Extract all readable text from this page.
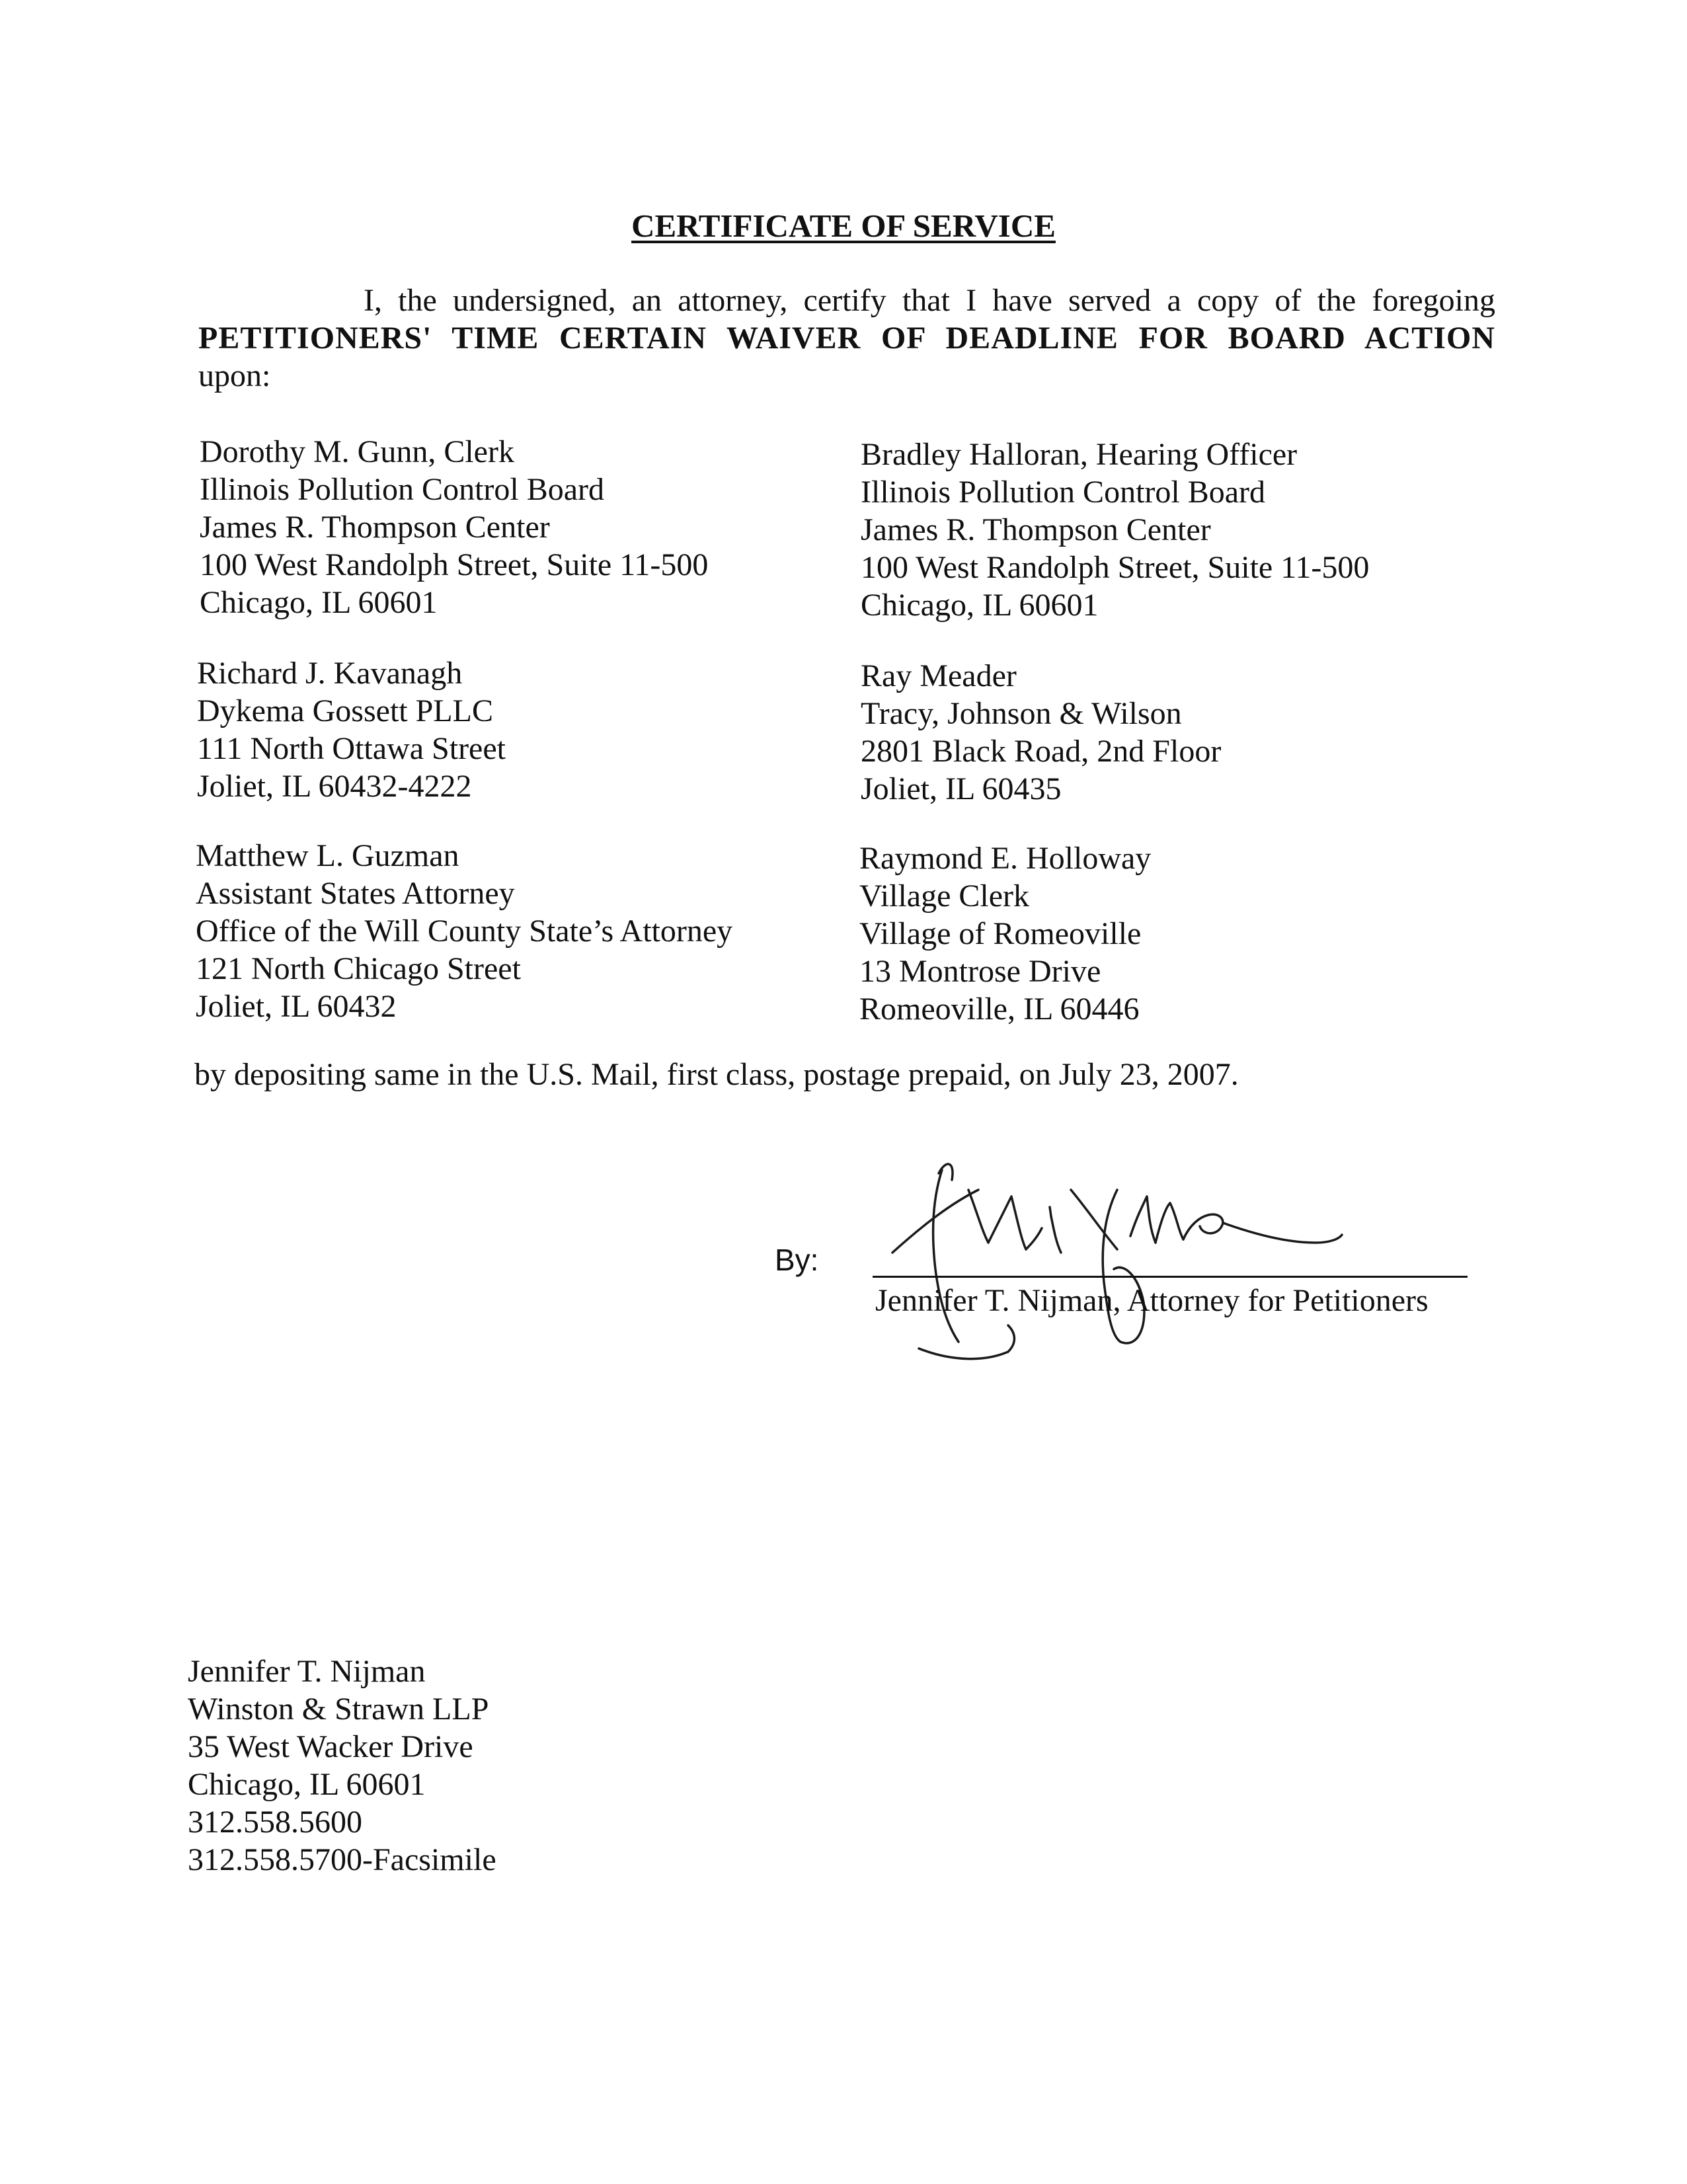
CERTIFICATE OF SERVICE
I, the undersigned, an attorney, certify that I have served a copy of the foregoing
PETITIONERS' TIME CERTAIN WAIVER OF DEADLINE FOR BOARD ACTION
upon:
Dorothy M. Gunn, Clerk
Illinois Pollution Control Board
James R. Thompson Center
100 West Randolph Street, Suite 11-500
Chicago, IL 60601
Bradley Halloran, Hearing Officer
Illinois Pollution Control Board
James R. Thompson Center
100 West Randolph Street, Suite 11-500
Chicago, IL 60601
Richard J. Kavanagh
Dykema Gossett PLLC
111 North Ottawa Street
Joliet, IL 60432-4222
Ray Meader
Tracy, Johnson & Wilson
2801 Black Road, 2nd Floor
Joliet, IL 60435
Matthew L. Guzman
Assistant States Attorney
Office of the Will County State’s Attorney
121 North Chicago Street
Joliet, IL 60432
Raymond E. Holloway
Village Clerk
Village of Romeoville
13 Montrose Drive
Romeoville, IL 60446
by depositing same in the U.S. Mail, first class, postage prepaid, on July 23, 2007.
By:
Jennifer T. Nijman, Attorney for Petitioners
Jennifer T. Nijman
Winston & Strawn LLP
35 West Wacker Drive
Chicago, IL 60601
312.558.5600
312.558.5700-Facsimile
